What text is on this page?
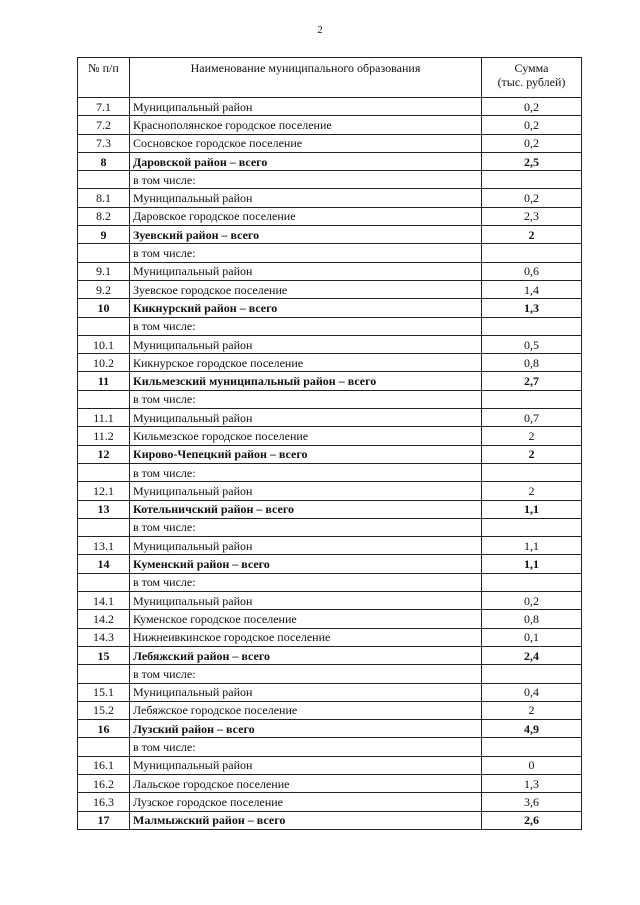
2
№ п/п	Наименование муниципального образования	Сумма
(тыс. рублей)

7.1	Муниципальный район	0,2
7.2	Краснополянское городское поселение	0,2
7.3	Сосновское городское поселение	0,2
8	Даровской район – всего	2,5
	в том числе:	
8.1	Муниципальный район	0,2
8.2	Даровское городское поселение	2,3
9	Зуевский район – всего	2
	в том числе:	
9.1	Муниципальный район	0,6
9.2	Зуевское городское поселение	1,4
10	Кикнурский район – всего	1,3
	в том числе:	
10.1	Муниципальный район	0,5
10.2	Кикнурское городское поселение	0,8
11	Кильмезский муниципальный район – всего	2,7
	в том числе:	
11.1	Муниципальный район	0,7
11.2	Кильмезское городское поселение	2
12	Кирово-Чепецкий район – всего	2
	в том числе:	
12.1	Муниципальный район	2
13	Котельничский район – всего	1,1
	в том числе:	
13.1	Муниципальный район	1,1
14	Куменский район – всего	1,1
	в том числе:	
14.1	Муниципальный район	0,2
14.2	Куменское городское поселение	0,8
14.3	Нижнеивкинское городское поселение	0,1
15	Лебяжский район – всего	2,4
	в том числе:	
15.1	Муниципальный район	0,4
15.2	Лебяжское городское поселение	2
16	Лузский район – всего	4,9
	в том числе:	
16.1	Муниципальный район	0
16.2	Лальское городское поселение	1,3
16.3	Лузское городское поселение	3,6
17	Малмыжский район – всего	2,6
